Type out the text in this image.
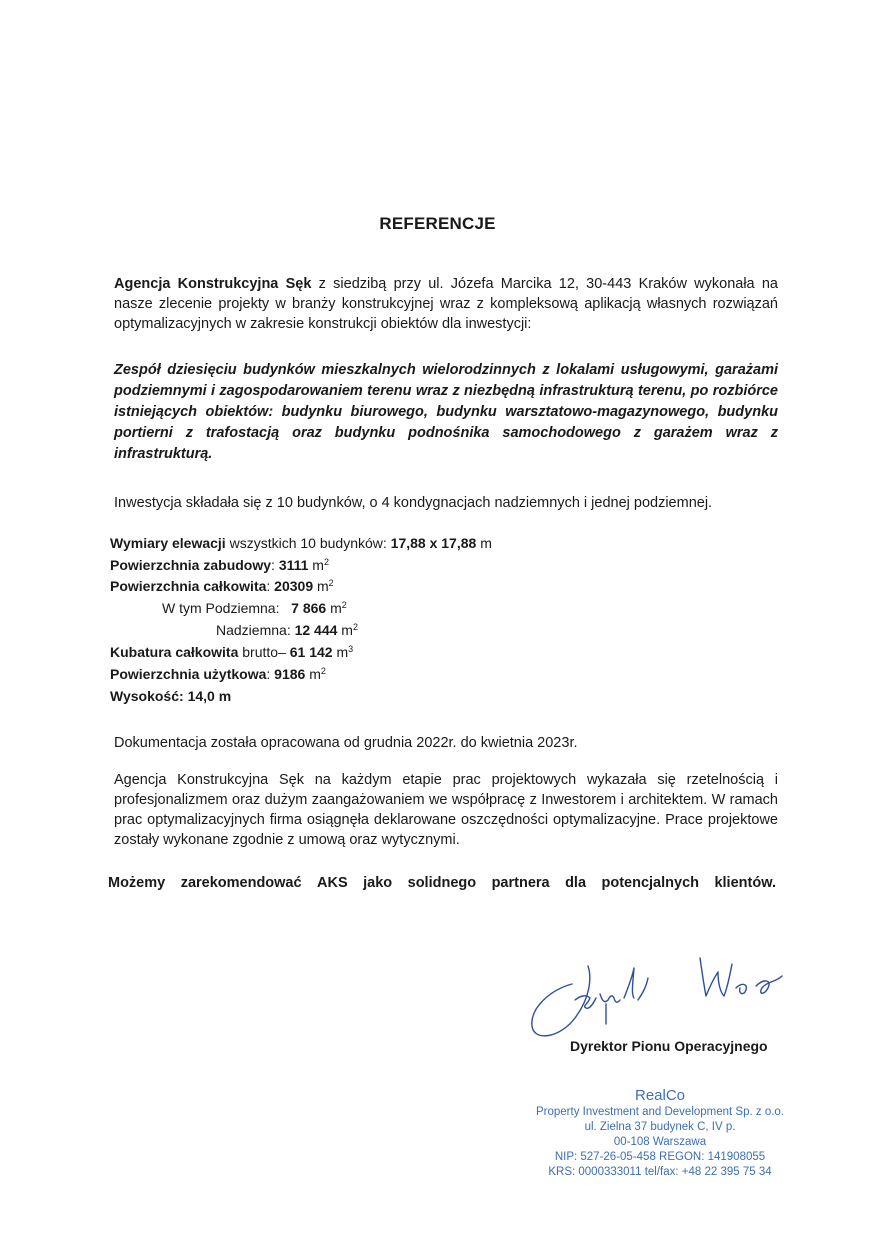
REFERENCJE
Agencja Konstrukcyjna Sęk z siedzibą przy ul. Józefa Marcika 12, 30-443 Kraków wykonała na nasze zlecenie projekty w branży konstrukcyjnej wraz z kompleksową aplikacją własnych rozwiązań optymalizacyjnych w zakresie konstrukcji obiektów dla inwestycji:
Zespół dziesięciu budynków mieszkalnych wielorodzinnych z lokalami usługowymi, garażami podziemnymi i zagospodarowaniem terenu wraz z niezbędną infrastrukturą terenu, po rozbiórce istniejących obiektów: budynku biurowego, budynku warsztatowo-magazynowego, budynku portierni z trafostacją oraz budynku podnośnika samochodowego z garażem wraz z infrastrukturą.
Inwestycja składała się z 10 budynków, o 4 kondygnacjach nadziemnych i jednej podziemnej.
Wymiary elewacji wszystkich 10 budynków: 17,88 x 17,88 m
Powierzchnia zabudowy: 3111 $m^2$
Powierzchnia całkowita: 20309 $m^2$
W tym Podziemna: 7 866 $m^2$
Nadziemna: 12 444 $m^2$
Kubatura całkowita brutto– 61 142 $m^3$
Powierzchnia użytkowa: 9186 $m^2$
Wysokość: 14,0 m
Dokumentacja została opracowana od grudnia 2022r. do kwietnia 2023r.
Agencja Konstrukcyjna Sęk na każdym etapie prac projektowych wykazała się rzetelnością i profesjonalizmem oraz dużym zaangażowaniem we współpracę z Inwestorem i architektem. W ramach prac optymalizacyjnych firma osiągnęła deklarowane oszczędności optymalizacyjne. Prace projektowe zostały wykonane zgodnie z umową oraz wytycznymi.
Możemy zarekomendować AKS jako solidnego partnera dla potencjalnych klientów.
Dyrektor Pionu Operacyjnego
RealCo
Property Investment and Development Sp. z o.o.
ul. Zielna 37 budynek C, IV p.
00-108 Warszawa
NIP: 527-26-05-458 REGON: 141908055
KRS: 0000333011 tel/fax: +48 22 395 75 34
